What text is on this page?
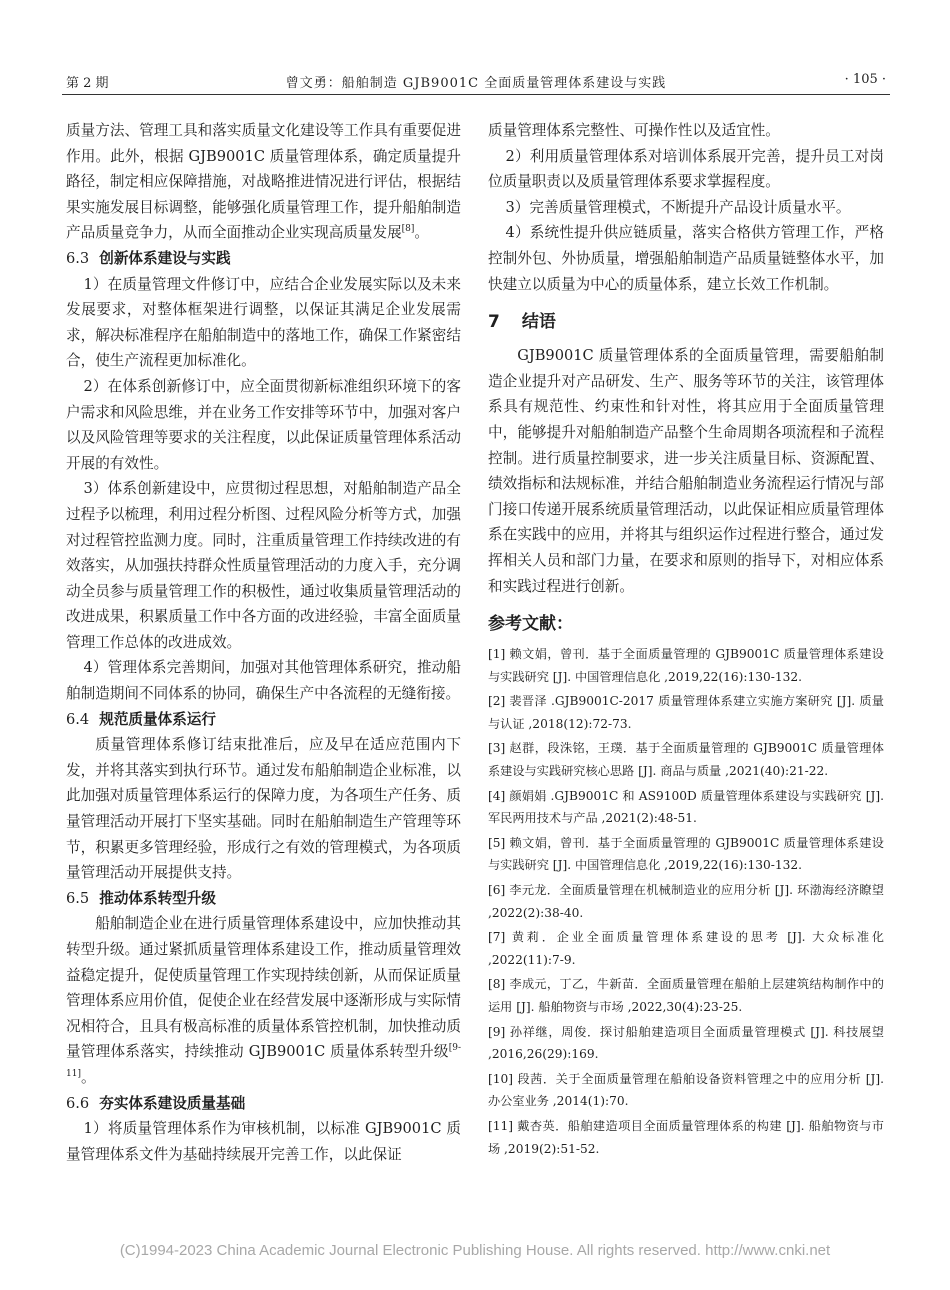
第 2 期	曾文勇：船舶制造 GJB9001C 全面质量管理体系建设与实践	· 105 ·

质量方法、管理工具和落实质量文化建设等工作具有重要促进作用。此外，根据 GJB9001C 质量管理体系，确定质量提升路径，制定相应保障措施，对战略推进情况进行评估，根据结果实施发展目标调整，能够强化质量管理工作，提升船舶制造产品质量竞争力，从而全面推动企业实现高质量发展[8]。

6.3 创新体系建设与实践

1）在质量管理文件修订中，应结合企业发展实际以及未来发展要求，对整体框架进行调整，以保证其满足企业发展需求，解决标准程序在船舶制造中的落地工作，确保工作紧密结合，使生产流程更加标准化。

2）在体系创新修订中，应全面贯彻新标准组织环境下的客户需求和风险思维，并在业务工作安排等环节中，加强对客户以及风险管理等要求的关注程度，以此保证质量管理体系活动开展的有效性。

3）体系创新建设中，应贯彻过程思想，对船舶制造产品全过程予以梳理，利用过程分析图、过程风险分析等方式，加强对过程管控监测力度。同时，注重质量管理工作持续改进的有效落实，从加强扶持群众性质量管理活动的力度入手，充分调动全员参与质量管理工作的积极性，通过收集质量管理活动的改进成果，积累质量工作中各方面的改进经验，丰富全面质量管理工作总体的改进成效。

4）管理体系完善期间，加强对其他管理体系研究，推动船舶制造期间不同体系的协同，确保生产中各流程的无缝衔接。

6.4 规范质量体系运行

质量管理体系修订结束批准后，应及早在适应范围内下发，并将其落实到执行环节。通过发布船舶制造企业标准，以此加强对质量管理体系运行的保障力度，为各项生产任务、质量管理活动开展打下坚实基础。同时在船舶制造生产管理等环节，积累更多管理经验，形成行之有效的管理模式，为各项质量管理活动开展提供支持。

6.5 推动体系转型升级

船舶制造企业在进行质量管理体系建设中，应加快推动其转型升级。通过紧抓质量管理体系建设工作，推动质量管理效益稳定提升，促使质量管理工作实现持续创新，从而保证质量管理体系应用价值，促使企业在经营发展中逐渐形成与实际情况相符合，且具有极高标准的质量体系管控机制，加快推动质量管理体系落实，持续推动 GJB9001C 质量体系转型升级[9-11]。

6.6 夯实体系建设质量基础

1）将质量管理体系作为审核机制，以标准 GJB9001C 质量管理体系文件为基础持续展开完善工作，以此保证

质量管理体系完整性、可操作性以及适宜性。

2）利用质量管理体系对培训体系展开完善，提升员工对岗位质量职责以及质量管理体系要求掌握程度。

3）完善质量管理模式，不断提升产品设计质量水平。

4）系统性提升供应链质量，落实合格供方管理工作，严格控制外包、外协质量，增强船舶制造产品质量链整体水平，加快建立以质量为中心的质量体系，建立长效工作机制。

7 结语

GJB9001C 质量管理体系的全面质量管理，需要船舶制造企业提升对产品研发、生产、服务等环节的关注，该管理体系具有规范性、约束性和针对性，将其应用于全面质量管理中，能够提升对船舶制造产品整个生命周期各项流程和子流程控制。进行质量控制要求，进一步关注质量目标、资源配置、绩效指标和法规标准，并结合船舶制造业务流程运行情况与部门接口传递开展系统质量管理活动，以此保证相应质量管理体系在实践中的应用，并将其与组织运作过程进行整合，通过发挥相关人员和部门力量，在要求和原则的指导下，对相应体系和实践过程进行创新。

参考文献：

[1] 赖文娟，曾刊．基于全面质量管理的 GJB9001C 质量管理体系建设与实践研究 [J]. 中国管理信息化 ,2019,22(16):130-132.

[2] 裴晋泽 .GJB9001C-2017 质量管理体系建立实施方案研究 [J]. 质量与认证 ,2018(12):72-73.

[3] 赵群，段洙铭，王璞．基于全面质量管理的 GJB9001C 质量管理体系建设与实践研究核心思路 [J]. 商品与质量 ,2021(40):21-22.

[4] 颜娟娟 .GJB9001C 和 AS9100D 质量管理体系建设与实践研究 [J]. 军民两用技术与产品 ,2021(2):48-51.

[5] 赖文娟，曾刊．基于全面质量管理的 GJB9001C 质量管理体系建设与实践研究 [J]. 中国管理信息化 ,2019,22(16):130-132.

[6] 李元龙．全面质量管理在机械制造业的应用分析 [J]. 环渤海经济瞭望 ,2022(2):38-40.

[7] 黄莉．企业全面质量管理体系建设的思考 [J]. 大众标准化 ,2022(11):7-9.

[8] 李成元，丁乙，牛新苗．全面质量管理在船舶上层建筑结构制作中的运用 [J]. 船舶物资与市场 ,2022,30(4):23-25.

[9] 孙祥继，周俊．探讨船舶建造项目全面质量管理模式 [J]. 科技展望 ,2016,26(29):169.

[10] 段茜．关于全面质量管理在船舶设备资料管理之中的应用分析 [J]. 办公室业务 ,2014(1):70.

[11] 戴杏英．船舶建造项目全面质量管理体系的构建 [J]. 船舶物资与市场 ,2019(2):51-52.

(C)1994-2023 China Academic Journal Electronic Publishing House. All rights reserved. http://www.cnki.net
